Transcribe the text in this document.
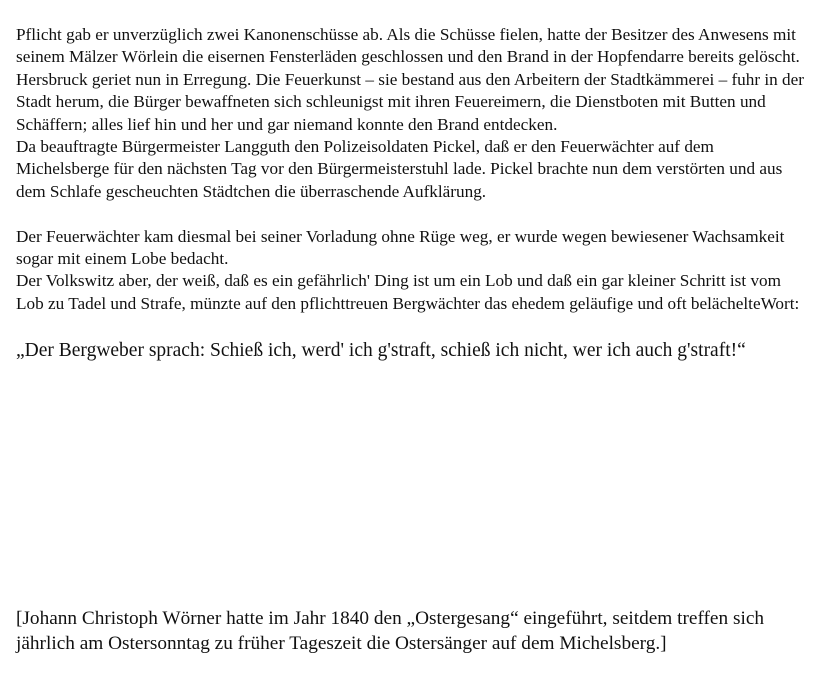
Pflicht gab er unverzüglich zwei Kanonenschüsse ab. Als die Schüsse fielen, hatte der Besitzer des Anwesens mit seinem Mälzer Wörlein die eisernen Fensterläden geschlossen und den Brand in der Hopfendarre bereits gelöscht.

Hersbruck geriet nun in Erregung. Die Feuerkunst – sie bestand aus den Arbeitern der Stadtkämmerei – fuhr in der Stadt herum, die Bürger bewaffneten sich schleunigst mit ihren Feuereimern, die Dienstboten mit Butten und Schäffern; alles lief hin und her und gar niemand konnte den Brand entdecken.

Da beauftragte Bürgermeister Langguth den Polizeisoldaten Pickel, daß er den Feuerwächter auf dem Michelsberge für den nächsten Tag vor den Bürgermeisterstuhl lade. Pickel brachte nun dem verstörten und aus dem Schlafe gescheuchten Städtchen die überraschende Aufklärung.

Der Feuerwächter kam diesmal bei seiner Vorladung ohne Rüge weg, er wurde wegen bewiesener Wachsamkeit sogar mit einem Lobe bedacht.

Der Volkswitz aber, der weiß, daß es ein gefährlich' Ding ist um ein Lob und daß ein gar kleiner Schritt ist vom Lob zu Tadel und Strafe, münzte auf den pflichttreuen Bergwächter das ehedem geläufige und oft belächelteWort:

„Der Bergweber sprach: Schieß ich, werd' ich g'straft, schieß ich nicht, wer ich auch g'straft!“

[Johann Christoph Wörner hatte im Jahr 1840 den „Ostergesang“ eingeführt, seitdem treffen sich jährlich am Ostersonntag zu früher Tageszeit die Ostersänger auf dem Michelsberg.]
